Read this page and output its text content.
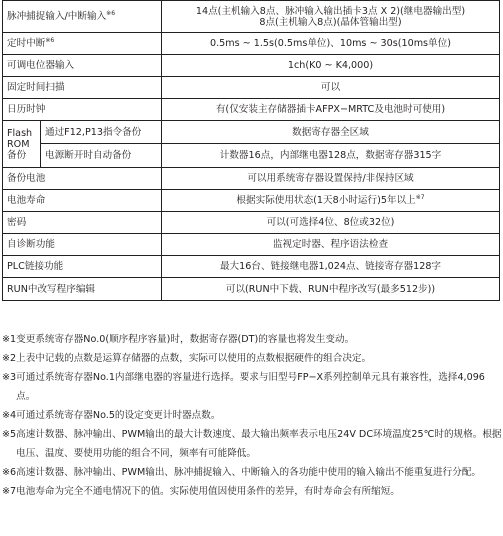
脉冲捕捉输入/中断输入$^{※6}$		14点(主机输入8点、脉冲输入输出插卡3点 X 2)(继电器输出型)
8点(主机输入8点)(晶体管输出型)
定时中断$^{※6}$		0.5ms ~ 1.5s(0.5ms单位)、10ms ~ 30s(10ms单位)
可调电位器输入		1ch(K0 ~ K4,000)
固定时间扫描		可以
日历时钟		有(仅安装主存储器插卡AFPX−MRTC及电池时可使用)
Flash
ROM
备份	通过F12,P13指令备份	数据寄存器全区域
	电源断开时自动备份	计数器16点，内部继电器128点，数据寄存器315字
备份电池		可以用系统寄存器设置保持/非保持区域
电池寿命		根据实际使用状态(1天8小时运行)5年以上$^{※7}$
密码		可以(可选择4位、8位或32位)
自诊断功能		监视定时器、程序语法检查
PLC链接功能		最大16台、链接继电器1,024点、链接寄存器128字
RUN中改写程序编辑		可以(RUN中下载、RUN中程序改写(最多512步))
※1 变更系统寄存器No.0(顺序程序容量)时，数据寄存器(DT)的容量也将发生变动。
※2 上表中记载的点数是运算存储器的点数，实际可以使用的点数根据硬件的组合决定。
※3 可通过系统寄存器No.1内部继电器的容量进行选择。要求与旧型号FP−X系列控制单元具有兼容性，选择4,096点。
※4 可通过系统寄存器No.5的设定变更计时器点数。
※5 高速计数器、脉冲输出、PWM输出的最大计数速度、最大输出频率表示电压24V DC环境温度25℃时的规格。根据电压、温度、要使用功能的组合不同，频率有可能降低。
※6 高速计数器、脉冲输出、PWM输出、脉冲捕捉输入、中断输入的各功能中使用的输入输出不能重复进行分配。
※7 电池寿命为完全不通电情况下的值。实际使用值因使用条件的差异，有时寿命会有所缩短。
